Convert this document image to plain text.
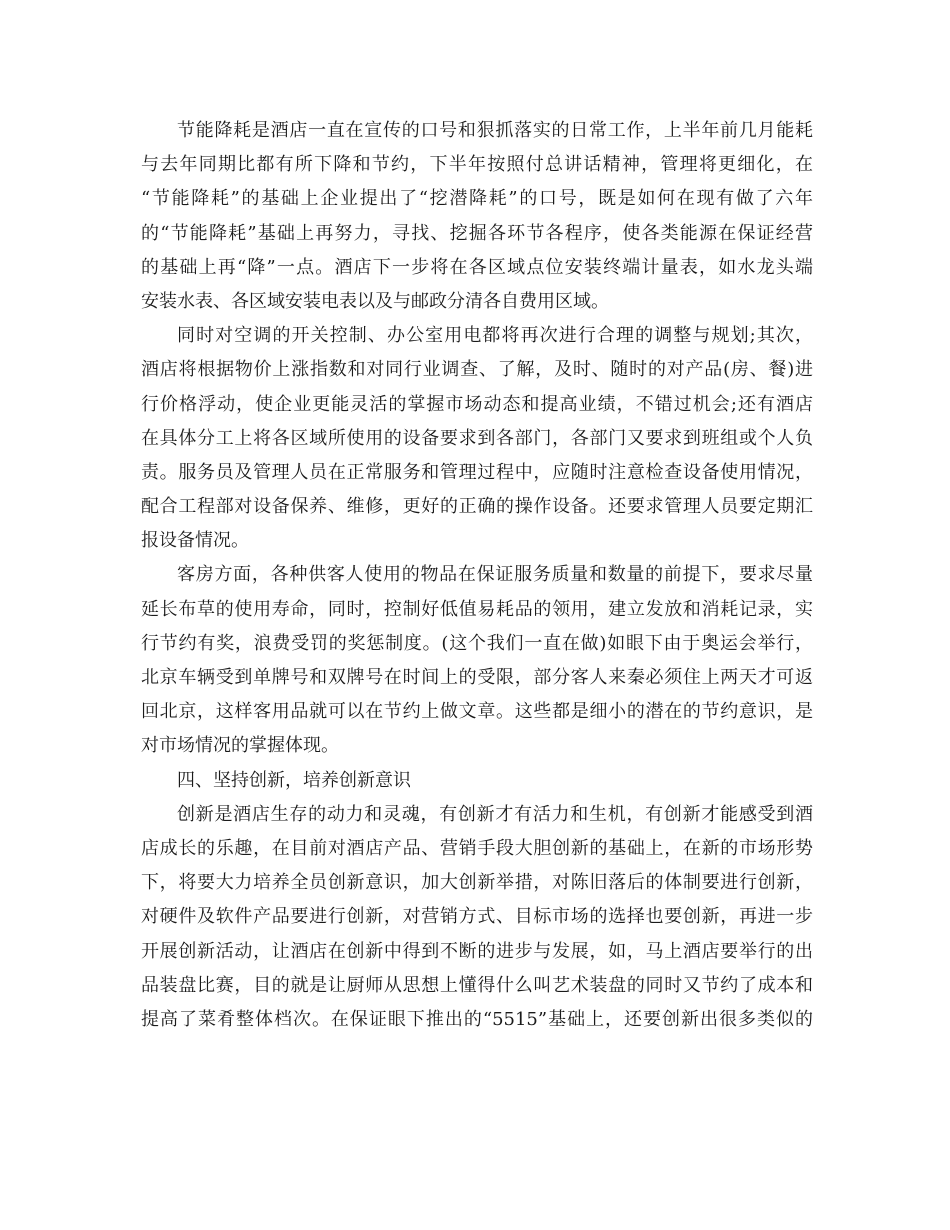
节能降耗是酒店一直在宣传的口号和狠抓落实的日常工作，上半年前几月能耗
与去年同期比都有所下降和节约，下半年按照付总讲话精神，管理将更细化，在
“节能降耗”的基础上企业提出了“挖潜降耗”的口号，既是如何在现有做了六年
的“节能降耗”基础上再努力，寻找、挖掘各环节各程序，使各类能源在保证经营
的基础上再“降”一点。酒店下一步将在各区域点位安装终端计量表，如水龙头端
安装水表、各区域安装电表以及与邮政分清各自费用区域。
同时对空调的开关控制、办公室用电都将再次进行合理的调整与规划;其次，
酒店将根据物价上涨指数和对同行业调查、了解，及时、随时的对产品(房、餐)进
行价格浮动，使企业更能灵活的掌握市场动态和提高业绩，不错过机会;还有酒店
在具体分工上将各区域所使用的设备要求到各部门，各部门又要求到班组或个人负
责。服务员及管理人员在正常服务和管理过程中，应随时注意检查设备使用情况，
配合工程部对设备保养、维修，更好的正确的操作设备。还要求管理人员要定期汇
报设备情况。
客房方面，各种供客人使用的物品在保证服务质量和数量的前提下，要求尽量
延长布草的使用寿命，同时，控制好低值易耗品的领用，建立发放和消耗记录，实
行节约有奖，浪费受罚的奖惩制度。(这个我们一直在做)如眼下由于奥运会举行，
北京车辆受到单牌号和双牌号在时间上的受限，部分客人来秦必须住上两天才可返
回北京，这样客用品就可以在节约上做文章。这些都是细小的潜在的节约意识，是
对市场情况的掌握体现。
四、坚持创新，培养创新意识
创新是酒店生存的动力和灵魂，有创新才有活力和生机，有创新才能感受到酒
店成长的乐趣，在目前对酒店产品、营销手段大胆创新的基础上，在新的市场形势
下，将要大力培养全员创新意识，加大创新举措，对陈旧落后的体制要进行创新，
对硬件及软件产品要进行创新，对营销方式、目标市场的选择也要创新，再进一步
开展创新活动，让酒店在创新中得到不断的进步与发展，如，马上酒店要举行的出
品装盘比赛，目的就是让厨师从思想上懂得什么叫艺术装盘的同时又节约了成本和
提高了菜肴整体档次。在保证眼下推出的“5515”基础上，还要创新出很多类似的
